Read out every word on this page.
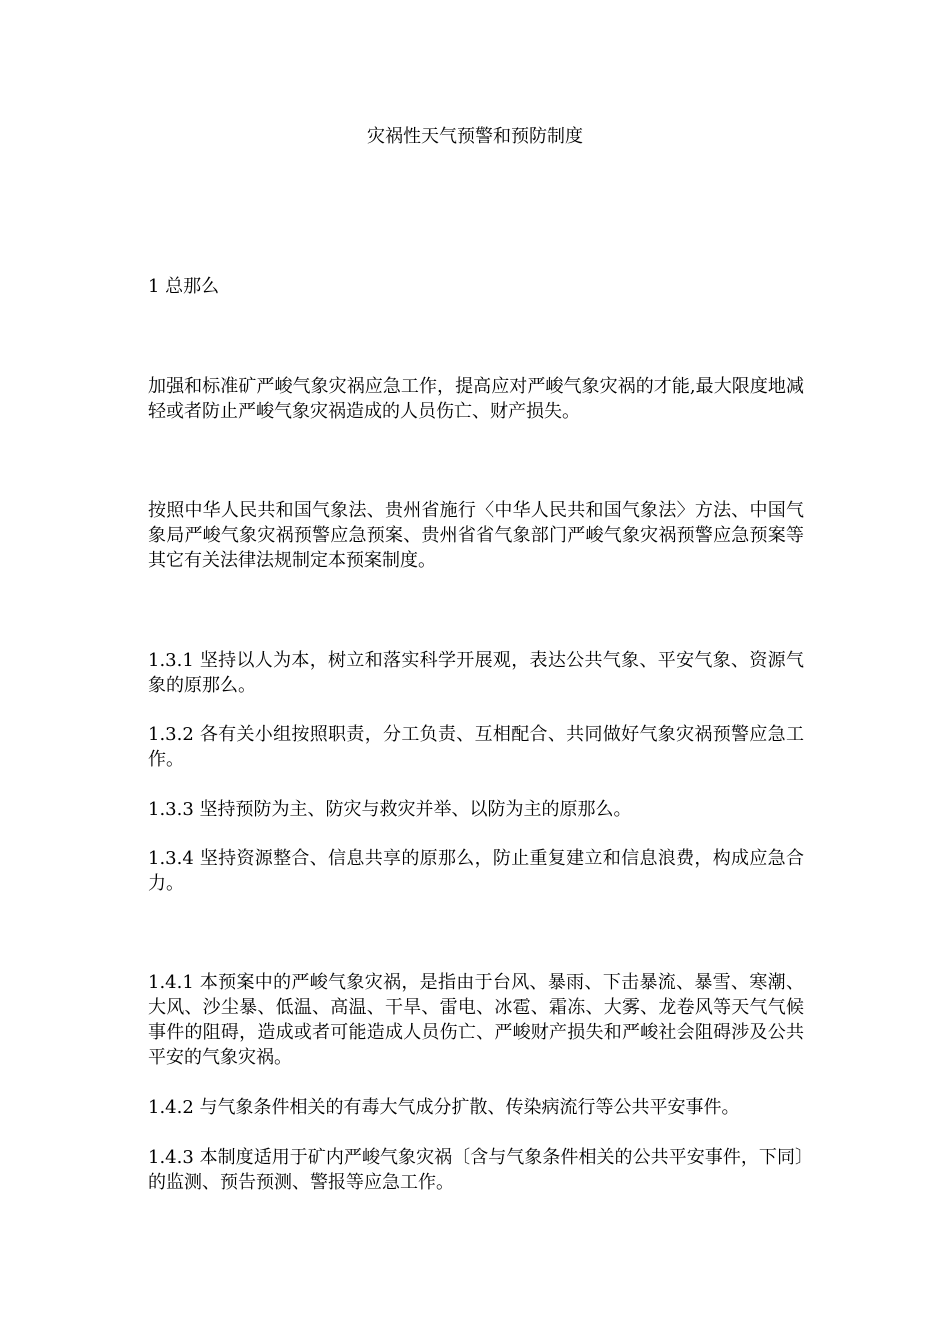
灾祸性天气预警和预防制度
1 总那么
加强和标准矿严峻气象灾祸应急工作，提高应对严峻气象灾祸的才能,最大限度地减轻或者防止严峻气象灾祸造成的人员伤亡、财产损失。
按照中华人民共和国气象法、贵州省施行〈中华人民共和国气象法〉方法、中国气象局严峻气象灾祸预警应急预案、贵州省省气象部门严峻气象灾祸预警应急预案等其它有关法律法规制定本预案制度。
1.3.1 坚持以人为本，树立和落实科学开展观，表达公共气象、平安气象、资源气象的原那么。
1.3.2 各有关小组按照职责，分工负责、互相配合、共同做好气象灾祸预警应急工作。
1.3.3 坚持预防为主、防灾与救灾并举、以防为主的原那么。
1.3.4 坚持资源整合、信息共享的原那么，防止重复建立和信息浪费，构成应急合力。
1.4.1 本预案中的严峻气象灾祸，是指由于台风、暴雨、下击暴流、暴雪、寒潮、大风、沙尘暴、低温、高温、干旱、雷电、冰雹、霜冻、大雾、龙卷风等天气气候事件的阻碍，造成或者可能造成人员伤亡、严峻财产损失和严峻社会阻碍涉及公共平安的气象灾祸。
1.4.2 与气象条件相关的有毒大气成分扩散、传染病流行等公共平安事件。
1.4.3 本制度适用于矿内严峻气象灾祸〔含与气象条件相关的公共平安事件，下同〕的监测、预告预测、警报等应急工作。
